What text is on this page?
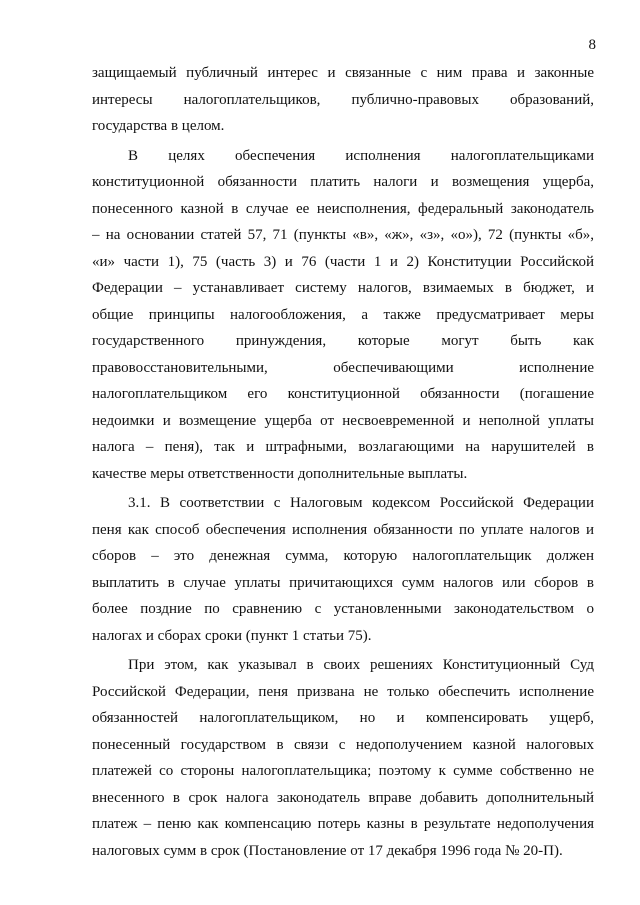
8
защищаемый публичный интерес и связанные с ним права и законные
интересы налогоплательщиков, публично-правовых образований,
государства в целом.
В целях обеспечения исполнения налогоплательщиками
конституционной обязанности платить налоги и возмещения ущерба,
понесенного казной в случае ее неисполнения, федеральный законодатель
– на основании статей 57, 71 (пункты «в», «ж», «з», «о»), 72 (пункты «б»,
«и» части 1), 75 (часть 3) и 76 (части 1 и 2) Конституции Российской
Федерации – устанавливает систему налогов, взимаемых в бюджет, и
общие принципы налогообложения, а также предусматривает меры
государственного принуждения, которые могут быть как
правовосстановительными, обеспечивающими исполнение
налогоплательщиком его конституционной обязанности (погашение
недоимки и возмещение ущерба от несвоевременной и неполной уплаты
налога – пеня), так и штрафными, возлагающими на нарушителей в
качестве меры ответственности дополнительные выплаты.
3.1. В соответствии с Налоговым кодексом Российской Федерации
пеня как способ обеспечения исполнения обязанности по уплате налогов и
сборов – это денежная сумма, которую налогоплательщик должен
выплатить в случае уплаты причитающихся сумм налогов или сборов в
более поздние по сравнению с установленными законодательством о
налогах и сборах сроки (пункт 1 статьи 75).
При этом, как указывал в своих решениях Конституционный Суд
Российской Федерации, пеня призвана не только обеспечить исполнение
обязанностей налогоплательщиком, но и компенсировать ущерб,
понесенный государством в связи с недополучением казной налоговых
платежей со стороны налогоплательщика; поэтому к сумме собственно не
внесенного в срок налога законодатель вправе добавить дополнительный
платеж – пеню как компенсацию потерь казны в результате недополучения
налоговых сумм в срок (Постановление от 17 декабря 1996 года № 20-П).
